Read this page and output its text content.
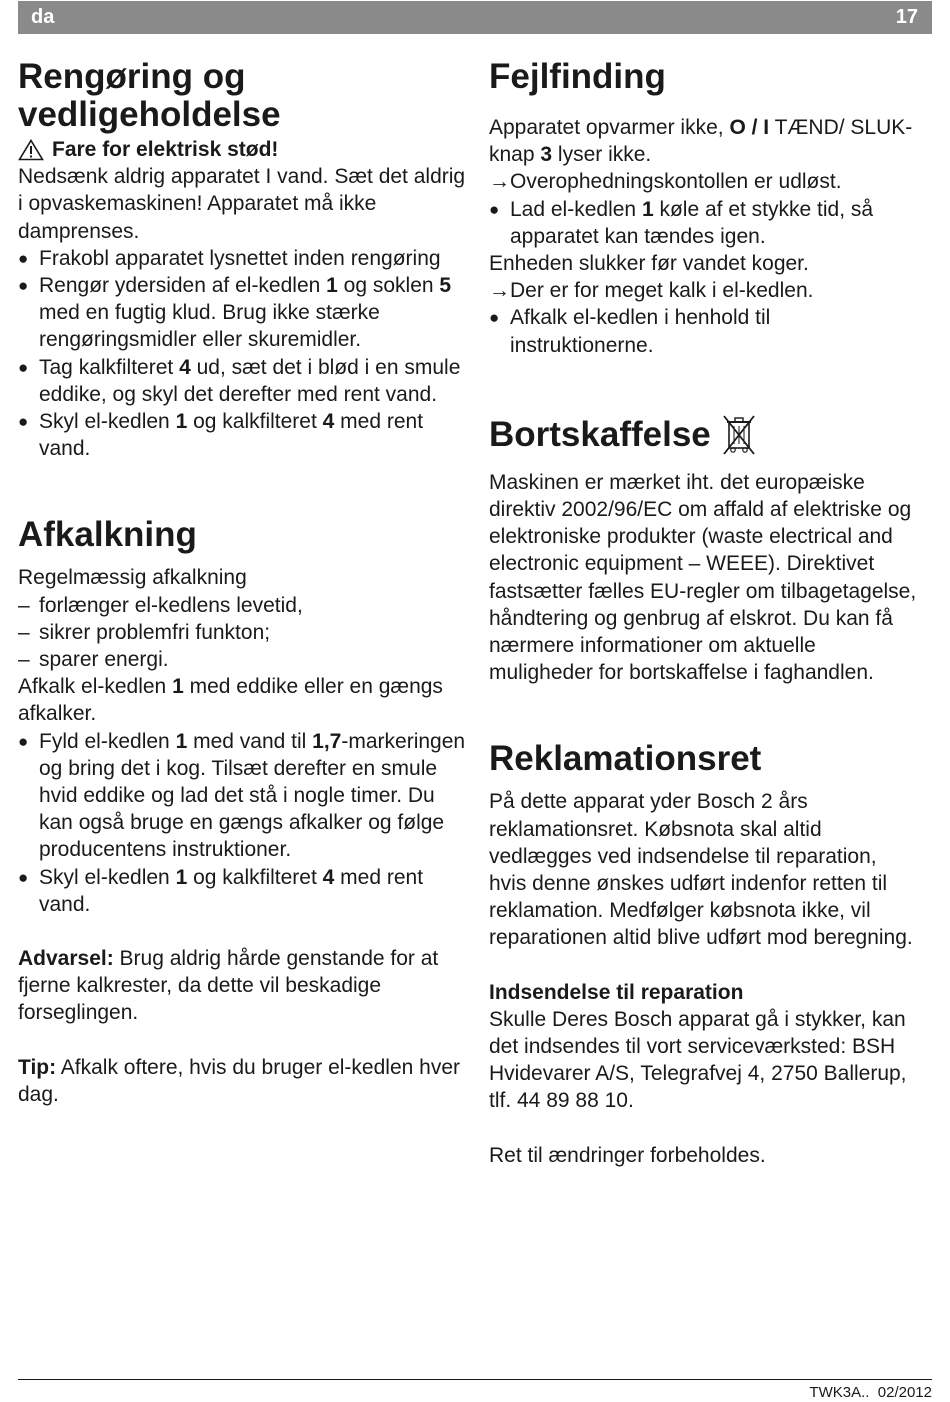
da	17
Rengøring og vedligeholdelse

Fare for elektrisk stød!

Nedsænk aldrig apparatet I vand. Sæt det aldrig i opvaskemaskinen! Apparatet må ikke damprenses.

● Frakobl apparatet lysnettet inden rengøring
● Rengør ydersiden af el-kedlen 1 og soklen 5 med en fugtig klud. Brug ikke stærke rengøringsmidler eller skuremidler.
● Tag kalkfilteret 4 ud, sæt det i blød i en smule eddike, og skyl det derefter med rent vand.
● Skyl el-kedlen 1 og kalkfilteret 4 med rent vand.
Afkalkning

Regelmæssig afkalkning

– forlænger el-kedlens levetid,
– sikrer problemfri funkton;
– sparer energi.

Afkalk el-kedlen 1 med eddike eller en gængs afkalker.

● Fyld el-kedlen 1 med vand til 1,7-markeringen og bring det i kog. Tilsæt derefter en smule hvid eddike og lad det stå i nogle timer. Du kan også bruge en gængs afkalker og følge producentens instruktioner.
● Skyl el-kedlen 1 og kalkfilteret 4 med rent vand.

Advarsel: Brug aldrig hårde genstande for at fjerne kalkrester, da dette vil beskadige forseglingen.

Tip: Afkalk oftere, hvis du bruger el-kedlen hver dag.

Fejlfinding

Apparatet opvarmer ikke, O / I TÆND/ SLUK-knap 3 lyser ikke.

→ Overophedningskontollen er udløst.
● Lad el-kedlen 1 køle af et stykke tid, så apparatet kan tændes igen.

Enheden slukker før vandet koger.

→ Der er for meget kalk i el-kedlen.
● Afkalk el-kedlen i henhold til instruktionerne.
Bortskaffelse

Maskinen er mærket iht. det europæiske direktiv 2002/96/EC om affald af elektriske og elektroniske produkter (waste electrical and electronic equipment – WEEE). Direktivet fastsætter fælles EU-regler om tilbagetagelse, håndtering og genbrug af elskrot. Du kan få nærmere informationer om aktuelle muligheder for bortskaffelse i faghandlen.

Reklamationsret

På dette apparat yder Bosch 2 års reklamationsret. Købsnota skal altid vedlægges ved indsendelse til reparation, hvis denne ønskes udført indenfor retten til reklamation. Medfølger købsnota ikke, vil reparationen altid blive udført mod beregning.

Indsendelse til reparation

Skulle Deres Bosch apparat gå i stykker, kan det indsendes til vort serviceværksted: BSH Hvidevarer A/S, Telegrafvej 4, 2750 Ballerup, tlf. 44 89 88 10.

Ret til ændringer forbeholdes.

TWK3A.. 02/2012
